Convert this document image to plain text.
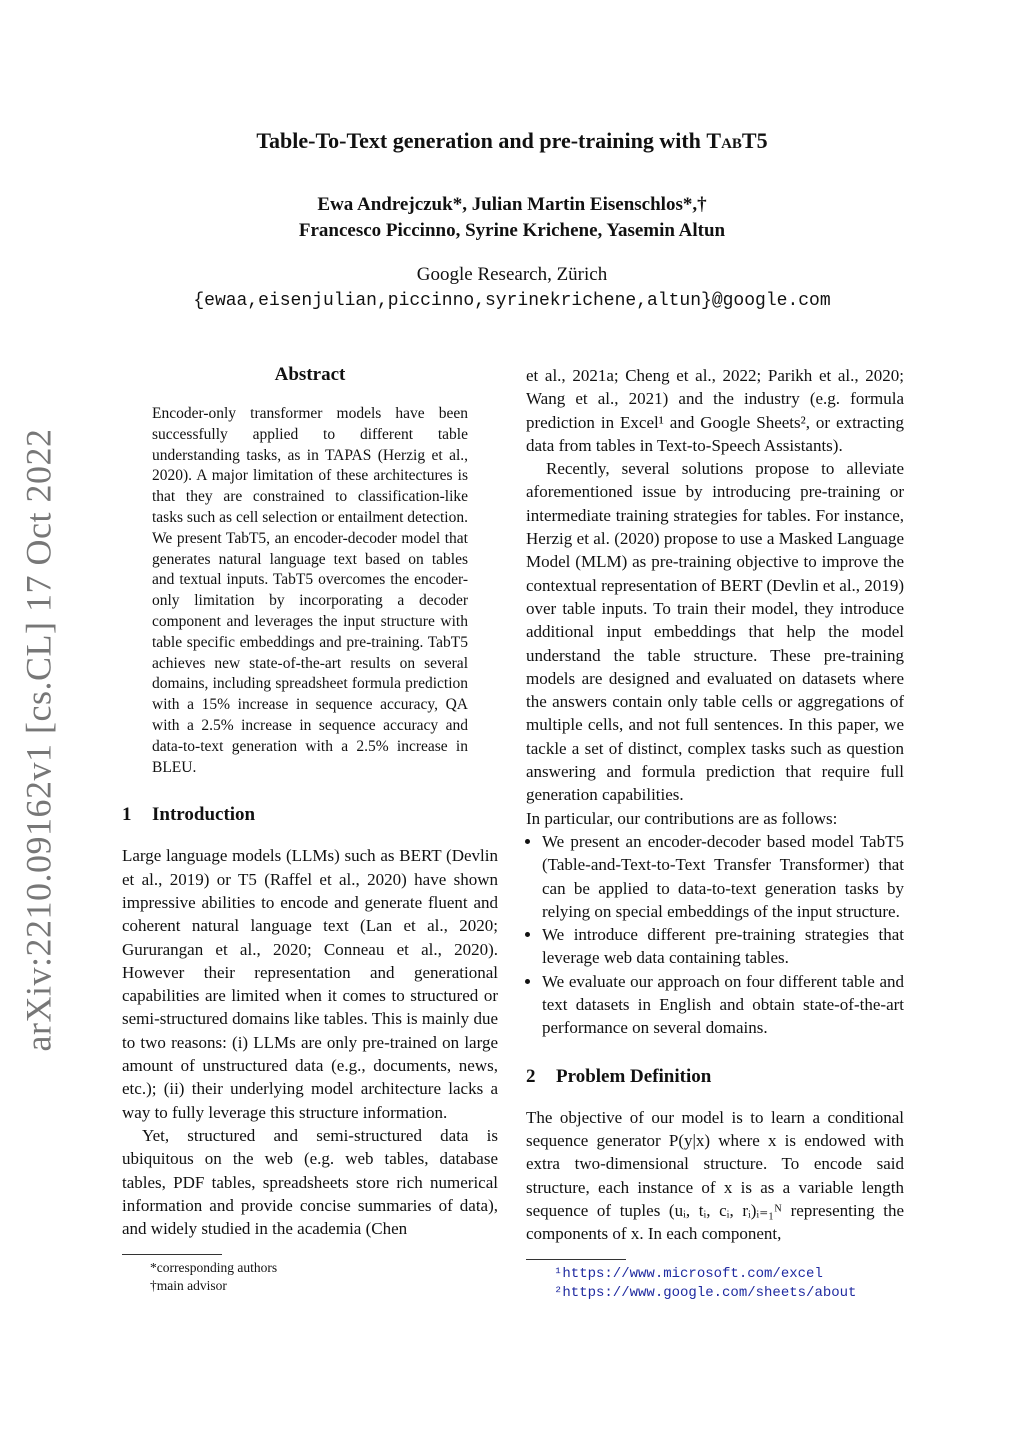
arXiv:2210.09162v1 [cs.CL] 17 Oct 2022
Table-To-Text generation and pre-training with TabT5
Ewa Andrejczuk*, Julian Martin Eisenschlos*,†
Francesco Piccinno, Syrine Krichene, Yasemin Altun
Google Research, Zürich
{ewaa,eisenjulian,piccinno,syrinekrichene,altun}@google.com
Abstract

Encoder-only transformer models have been successfully applied to different table understanding tasks, as in TAPAS (Herzig et al., 2020). A major limitation of these architectures is that they are constrained to classification-like tasks such as cell selection or entailment detection. We present TabT5, an encoder-decoder model that generates natural language text based on tables and textual inputs. TabT5 overcomes the encoder-only limitation by incorporating a decoder component and leverages the input structure with table specific embeddings and pre-training. TabT5 achieves new state-of-the-art results on several domains, including spreadsheet formula prediction with a 15% increase in sequence accuracy, QA with a 2.5% increase in sequence accuracy and data-to-text generation with a 2.5% increase in BLEU.

1 Introduction

Large language models (LLMs) such as BERT (Devlin et al., 2019) or T5 (Raffel et al., 2020) have shown impressive abilities to encode and generate fluent and coherent natural language text (Lan et al., 2020; Gururangan et al., 2020; Conneau et al., 2020). However their representation and generational capabilities are limited when it comes to structured or semi-structured domains like tables. This is mainly due to two reasons: (i) LLMs are only pre-trained on large amount of unstructured data (e.g., documents, news, etc.); (ii) their underlying model architecture lacks a way to fully leverage this structure information.

Yet, structured and semi-structured data is ubiquitous on the web (e.g. web tables, database tables, PDF tables, spreadsheets store rich numerical information and provide concise summaries of data), and widely studied in the academia (Chen

*corresponding authors
†main advisor

et al., 2021a; Cheng et al., 2022; Parikh et al., 2020; Wang et al., 2021) and the industry (e.g. formula prediction in Excel¹ and Google Sheets², or extracting data from tables in Text-to-Speech Assistants).

Recently, several solutions propose to alleviate aforementioned issue by introducing pre-training or intermediate training strategies for tables. For instance, Herzig et al. (2020) propose to use a Masked Language Model (MLM) as pre-training objective to improve the contextual representation of BERT (Devlin et al., 2019) over table inputs. To train their model, they introduce additional input embeddings that help the model understand the table structure. These pre-training models are designed and evaluated on datasets where the answers contain only table cells or aggregations of multiple cells, and not full sentences. In this paper, we tackle a set of distinct, complex tasks such as question answering and formula prediction that require full generation capabilities.

In particular, our contributions are as follows:

• We present an encoder-decoder based model TabT5 (Table-and-Text-to-Text Transfer Transformer) that can be applied to data-to-text generation tasks by relying on special embeddings of the input structure.
• We introduce different pre-training strategies that leverage web data containing tables.
• We evaluate our approach on four different table and text datasets in English and obtain state-of-the-art performance on several domains.
2 Problem Definition

The objective of our model is to learn a conditional sequence generator P(y|x) where x is endowed with extra two-dimensional structure. To encode said structure, each instance of x is as a variable length sequence of tuples (uᵢ, tᵢ, cᵢ, rᵢ)ᵢ₌₁ᴺ representing the components of x. In each component,

¹https://www.microsoft.com/excel
²https://www.google.com/sheets/about
